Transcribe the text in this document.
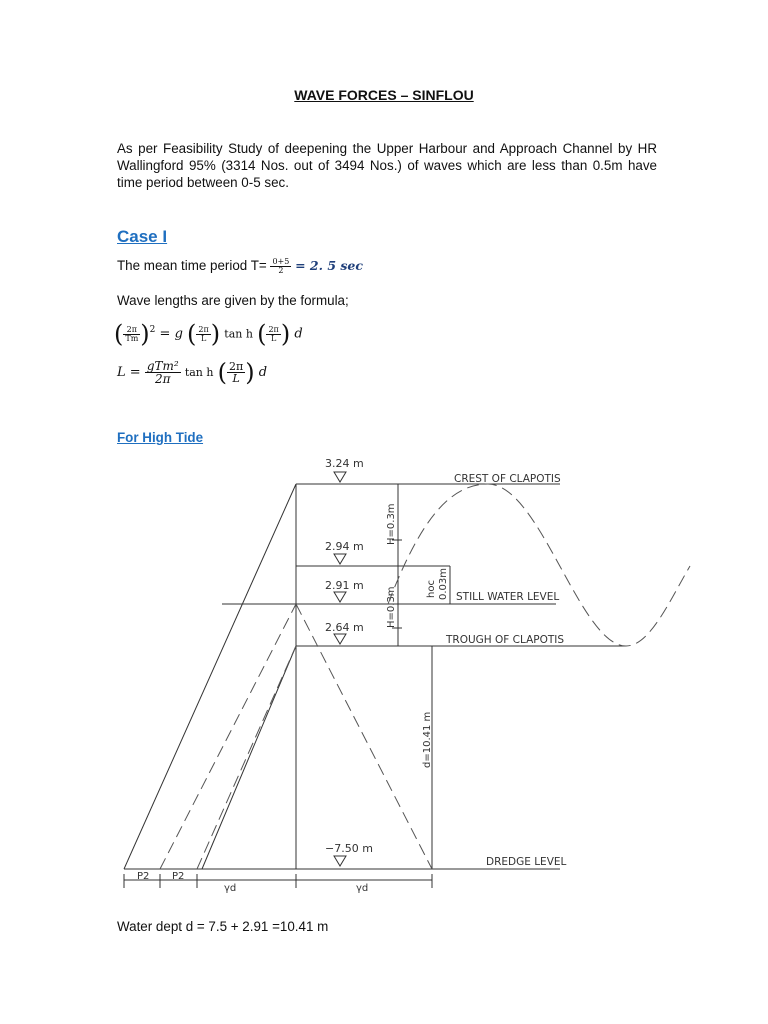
WAVE FORCES – SINFLOU
As per Feasibility Study of deepening the Upper Harbour and Approach Channel by HR Wallingford 95% (3314 Nos. out of 3494 Nos.) of waves which are less than 0.5m have time period between 0-5 sec.
Case I
The mean time period $T= \frac{0+5}{2} = 2$. 5 sec
Wave lengths are given by the formula;
( $\frac{2\pi}{Tm} )^2 = g$ ( $\frac{2\pi}{L}$ ) tan h ( $\frac{2\pi}{L}$ ) d
$L = \frac{\text{gTm²}}{2\pi}$ tan h ( $\frac{2\pi}{L}$ ) d
For High Tide
3.24 m
2.94 m
2.91 m
2.64 m
−7.50 m
CREST OF CLAPOTIS
STILL WATER LEVEL
TROUGH OF CLAPOTIS
DREDGE LEVEL
H=0.3m
H=0.3m	hoc 0.03m
d=10.41 m
P2 P2
γd	γd
Water dept d = 7.5 + 2.91 =10.41 m
